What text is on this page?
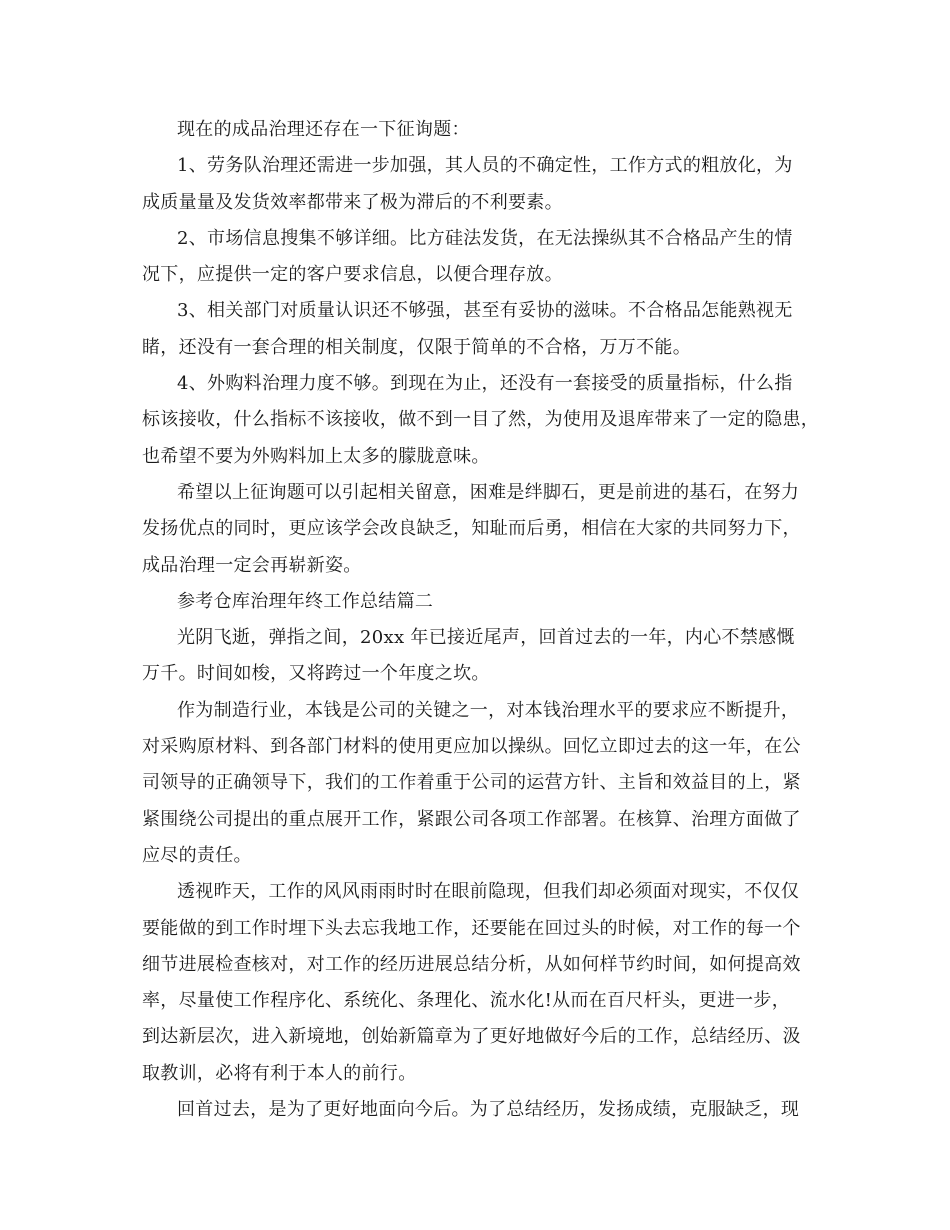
现在的成品治理还存在一下征询题：
1、劳务队治理还需进一步加强，其人员的不确定性，工作方式的粗放化，为
成质量量及发货效率都带来了极为滞后的不利要素。
2、市场信息搜集不够详细。比方硅法发货，在无法操纵其不合格品产生的情
况下，应提供一定的客户要求信息，以便合理存放。
3、相关部门对质量认识还不够强，甚至有妥协的滋味。不合格品怎能熟视无
睹，还没有一套合理的相关制度，仅限于简单的不合格，万万不能。
4、外购料治理力度不够。到现在为止，还没有一套接受的质量指标，什么指
标该接收，什么指标不该接收，做不到一目了然，为使用及退库带来了一定的隐患，
也希望不要为外购料加上太多的朦胧意味。
希望以上征询题可以引起相关留意，困难是绊脚石，更是前进的基石，在努力
发扬优点的同时，更应该学会改良缺乏，知耻而后勇，相信在大家的共同努力下，
成品治理一定会再崭新姿。
参考仓库治理年终工作总结篇二
光阴飞逝，弹指之间，20xx 年已接近尾声，回首过去的一年，内心不禁感慨
万千。时间如梭，又将跨过一个年度之坎。
作为制造行业，本钱是公司的关键之一，对本钱治理水平的要求应不断提升，
对采购原材料、到各部门材料的使用更应加以操纵。回忆立即过去的这一年，在公
司领导的正确领导下，我们的工作着重于公司的运营方针、主旨和效益目的上，紧
紧围绕公司提出的重点展开工作，紧跟公司各项工作部署。在核算、治理方面做了
应尽的责任。
透视昨天，工作的风风雨雨时时在眼前隐现，但我们却必须面对现实，不仅仅
要能做的到工作时埋下头去忘我地工作，还要能在回过头的时候，对工作的每一个
细节进展检查核对，对工作的经历进展总结分析，从如何样节约时间，如何提高效
率，尽量使工作程序化、系统化、条理化、流水化!从而在百尺杆头，更进一步，
到达新层次，进入新境地，创始新篇章为了更好地做好今后的工作，总结经历、汲
取教训，必将有利于本人的前行。
回首过去，是为了更好地面向今后。为了总结经历，发扬成绩，克服缺乏，现
